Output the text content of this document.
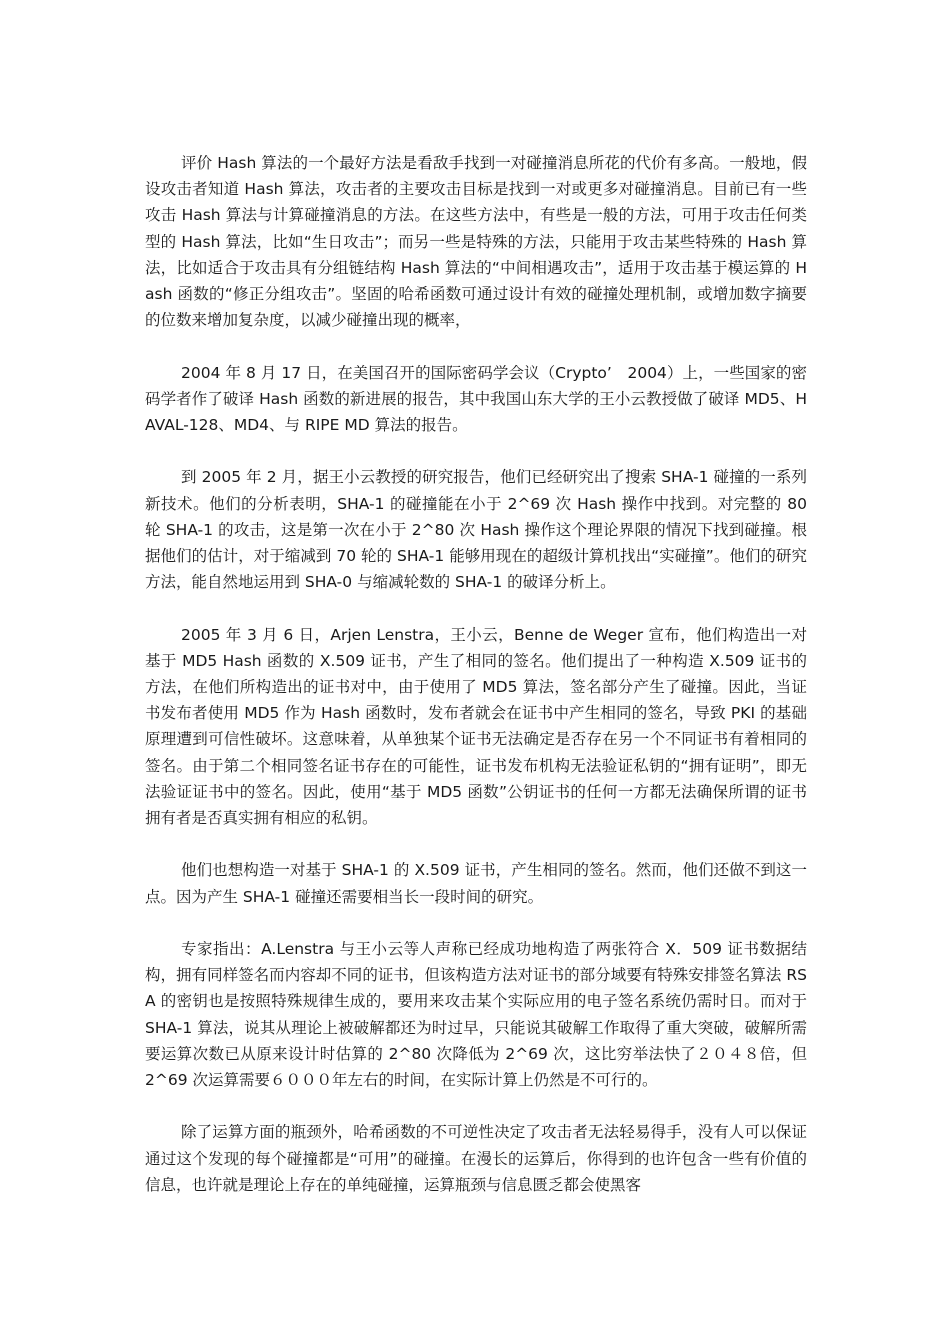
评价 Hash 算法的一个最好方法是看敌手找到一对碰撞消息所花的代价有多高。一般地，假设攻击者知道 Hash 算法，攻击者的主要攻击目标是找到一对或更多对碰撞消息。目前已有一些攻击 Hash 算法与计算碰撞消息的方法。在这些方法中，有些是一般的方法，可用于攻击任何类型的 Hash 算法，比如“生日攻击”；而另一些是特殊的方法，只能用于攻击某些特殊的 Hash 算法，比如适合于攻击具有分组链结构 Hash 算法的“中间相遇攻击”，适用于攻击基于模运算的 Hash 函数的“修正分组攻击”。坚固的哈希函数可通过设计有效的碰撞处理机制，或增加数字摘要的位数来增加复杂度，以减少碰撞出现的概率，

2004 年 8 月 17 日，在美国召开的国际密码学会议（Crypto’　2004）上，一些国家的密码学者作了破译 Hash 函数的新进展的报告，其中我国山东大学的王小云教授做了破译 MD5、HAVAL-128、MD4、与 RIPE MD 算法的报告。

到 2005 年 2 月，据王小云教授的研究报告，他们已经研究出了搜索 SHA-1 碰撞的一系列新技术。他们的分析表明，SHA-1 的碰撞能在小于 2^69 次 Hash 操作中找到。对完整的 80 轮 SHA-1 的攻击，这是第一次在小于 2^80 次 Hash 操作这个理论界限的情况下找到碰撞。根据他们的估计，对于缩减到 70 轮的 SHA-1 能够用现在的超级计算机找出“实碰撞”。他们的研究方法，能自然地运用到 SHA-0 与缩减轮数的 SHA-1 的破译分析上。

2005 年 3 月 6 日，Arjen Lenstra，王小云，Benne de Weger 宣布，他们构造出一对基于 MD5 Hash 函数的 X.509 证书，产生了相同的签名。他们提出了一种构造 X.509 证书的方法，在他们所构造出的证书对中，由于使用了 MD5 算法，签名部分产生了碰撞。因此，当证书发布者使用 MD5 作为 Hash 函数时，发布者就会在证书中产生相同的签名，导致 PKI 的基础原理遭到可信性破坏。这意味着，从单独某个证书无法确定是否存在另一个不同证书有着相同的签名。由于第二个相同签名证书存在的可能性，证书发布机构无法验证私钥的“拥有证明”，即无法验证证书中的签名。因此，使用“基于 MD5 函数”公钥证书的任何一方都无法确保所谓的证书拥有者是否真实拥有相应的私钥。

他们也想构造一对基于 SHA-1 的 X.509 证书，产生相同的签名。然而，他们还做不到这一点。因为产生 SHA-1 碰撞还需要相当长一段时间的研究。

专家指出：A.Lenstra 与王小云等人声称已经成功地构造了两张符合 X．509 证书数据结构，拥有同样签名而内容却不同的证书，但该构造方法对证书的部分域要有特殊安排签名算法 RSA 的密钥也是按照特殊规律生成的，要用来攻击某个实际应用的电子签名系统仍需时日。而对于 SHA-1 算法，说其从理论上被破解都还为时过早，只能说其破解工作取得了重大突破，破解所需要运算次数已从原来设计时估算的 2^80 次降低为 2^69 次，这比穷举法快了２０４８倍，但 2^69 次运算需要６０００年左右的时间，在实际计算上仍然是不可行的。

除了运算方面的瓶颈外，哈希函数的不可逆性决定了攻击者无法轻易得手，没有人可以保证通过这个发现的每个碰撞都是“可用”的碰撞。在漫长的运算后，你得到的也许包含一些有价值的信息，也许就是理论上存在的单纯碰撞，运算瓶颈与信息匮乏都会使黑客
